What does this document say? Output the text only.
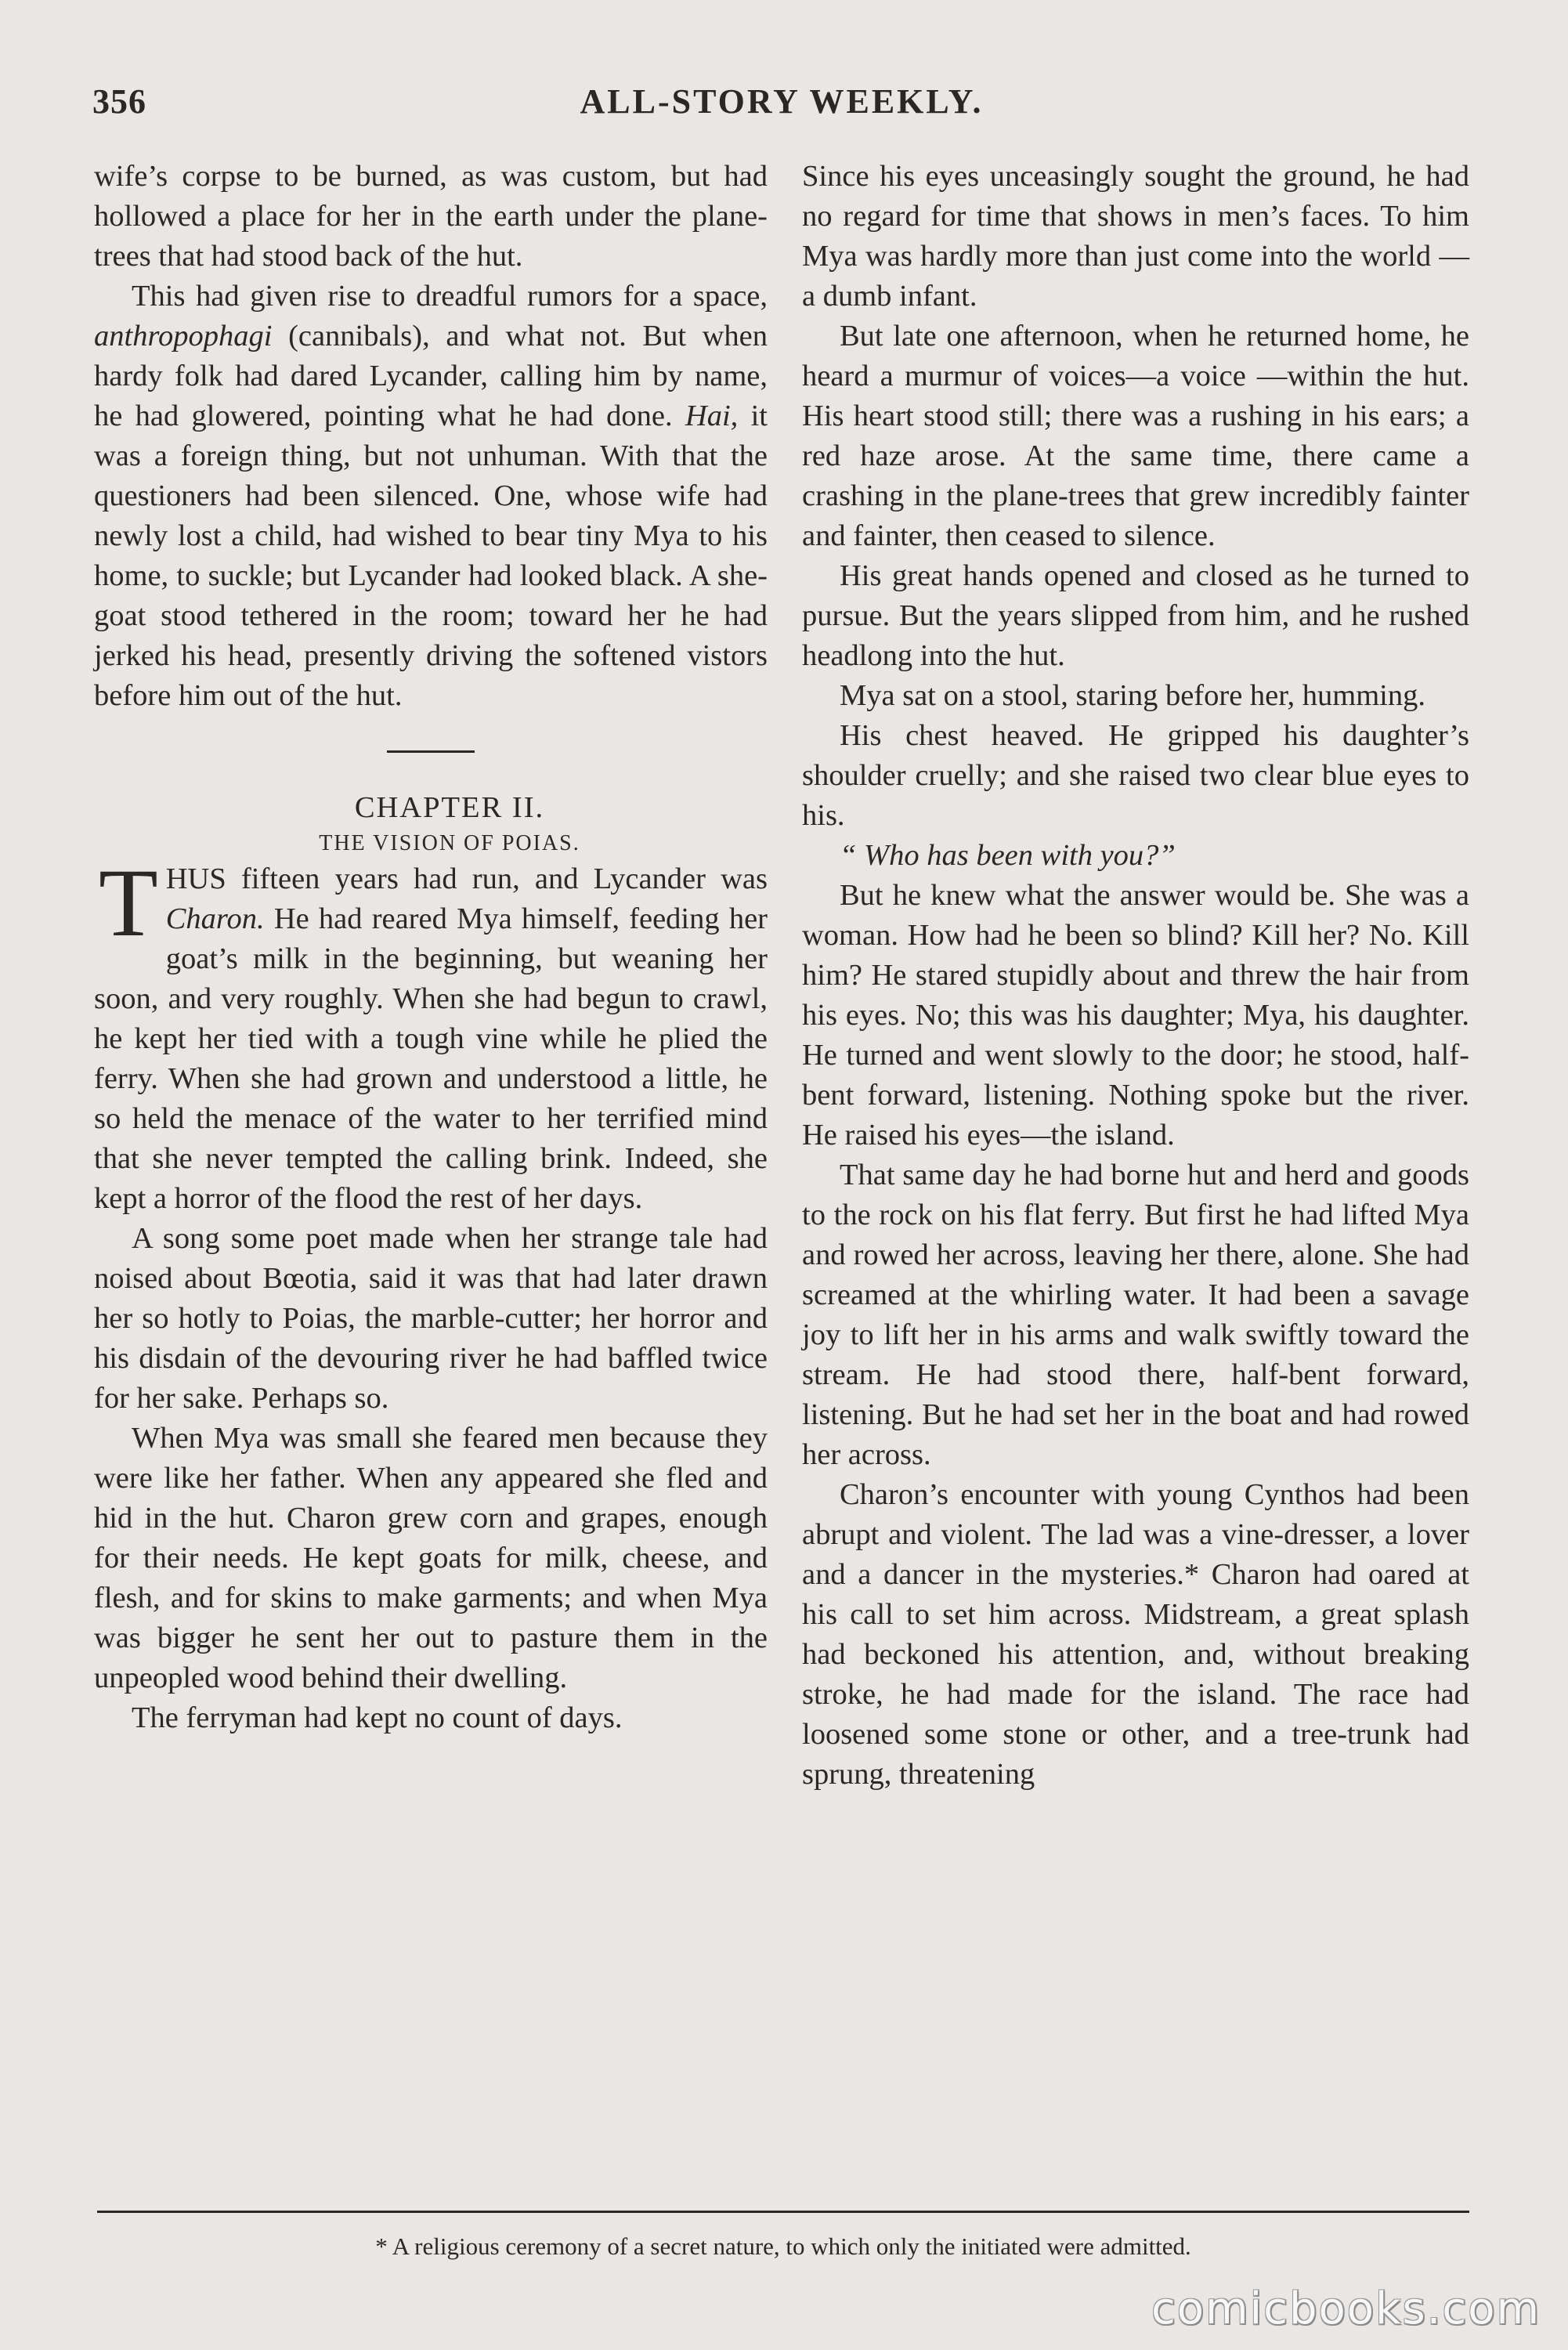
356	ALL-STORY WEEKLY.

wife’s corpse to be burned, as was custom, but had hollowed a place for her in the earth under the plane-trees that had stood back of the hut.

This had given rise to dreadful rumors for a space, anthropophagi (cannibals), and what not. But when hardy folk had dared Lycander, calling him by name, he had glowered, pointing what he had done. Hai, it was a foreign thing, but not unhuman. With that the questioners had been silenced. One, whose wife had newly lost a child, had wished to bear tiny Mya to his home, to suckle; but Lycander had looked black. A she-goat stood tethered in the room; toward her he had jerked his head, presently driving the softened vistors before him out of the hut.

CHAPTER II.

THE VISION OF POIAS.

THUS fifteen years had run, and Lycander was Charon. He had reared Mya himself, feeding her goat’s milk in the beginning, but weaning her soon, and very roughly. When she had begun to crawl, he kept her tied with a tough vine while he plied the ferry. When she had grown and understood a little, he so held the menace of the water to her terrified mind that she never tempted the calling brink. Indeed, she kept a horror of the flood the rest of her days.

A song some poet made when her strange tale had noised about Bœotia, said it was that had later drawn her so hotly to Poias, the marble-cutter; her horror and his disdain of the devouring river he had baffled twice for her sake. Perhaps so.

When Mya was small she feared men because they were like her father. When any appeared she fled and hid in the hut. Charon grew corn and grapes, enough for their needs. He kept goats for milk, cheese, and flesh, and for skins to make garments; and when Mya was bigger he sent her out to pasture them in the unpeopled wood behind their dwelling.

The ferryman had kept no count of days.

Since his eyes unceasingly sought the ground, he had no regard for time that shows in men’s faces. To him Mya was hardly more than just come into the world —a dumb infant.

But late one afternoon, when he returned home, he heard a murmur of voices—a voice —within the hut. His heart stood still; there was a rushing in his ears; a red haze arose. At the same time, there came a crashing in the plane-trees that grew incredibly fainter and fainter, then ceased to silence.

His great hands opened and closed as he turned to pursue. But the years slipped from him, and he rushed headlong into the hut.

Mya sat on a stool, staring before her, humming.

His chest heaved. He gripped his daughter’s shoulder cruelly; and she raised two clear blue eyes to his.

“ Who has been with you?”

But he knew what the answer would be. She was a woman. How had he been so blind? Kill her? No. Kill him? He stared stupidly about and threw the hair from his eyes. No; this was his daughter; Mya, his daughter. He turned and went slowly to the door; he stood, half-bent forward, listening. Nothing spoke but the river. He raised his eyes—the island.

That same day he had borne hut and herd and goods to the rock on his flat ferry. But first he had lifted Mya and rowed her across, leaving her there, alone. She had screamed at the whirling water. It had been a savage joy to lift her in his arms and walk swiftly toward the stream. He had stood there, half-bent forward, listening. But he had set her in the boat and had rowed her across.

Charon’s encounter with young Cynthos had been abrupt and violent. The lad was a vine-dresser, a lover and a dancer in the mysteries.* Charon had oared at his call to set him across. Midstream, a great splash had beckoned his attention, and, without breaking stroke, he had made for the island. The race had loosened some stone or other, and a tree-trunk had sprung, threatening

* A religious ceremony of a secret nature, to which only the initiated were admitted.
comicbooks.com
